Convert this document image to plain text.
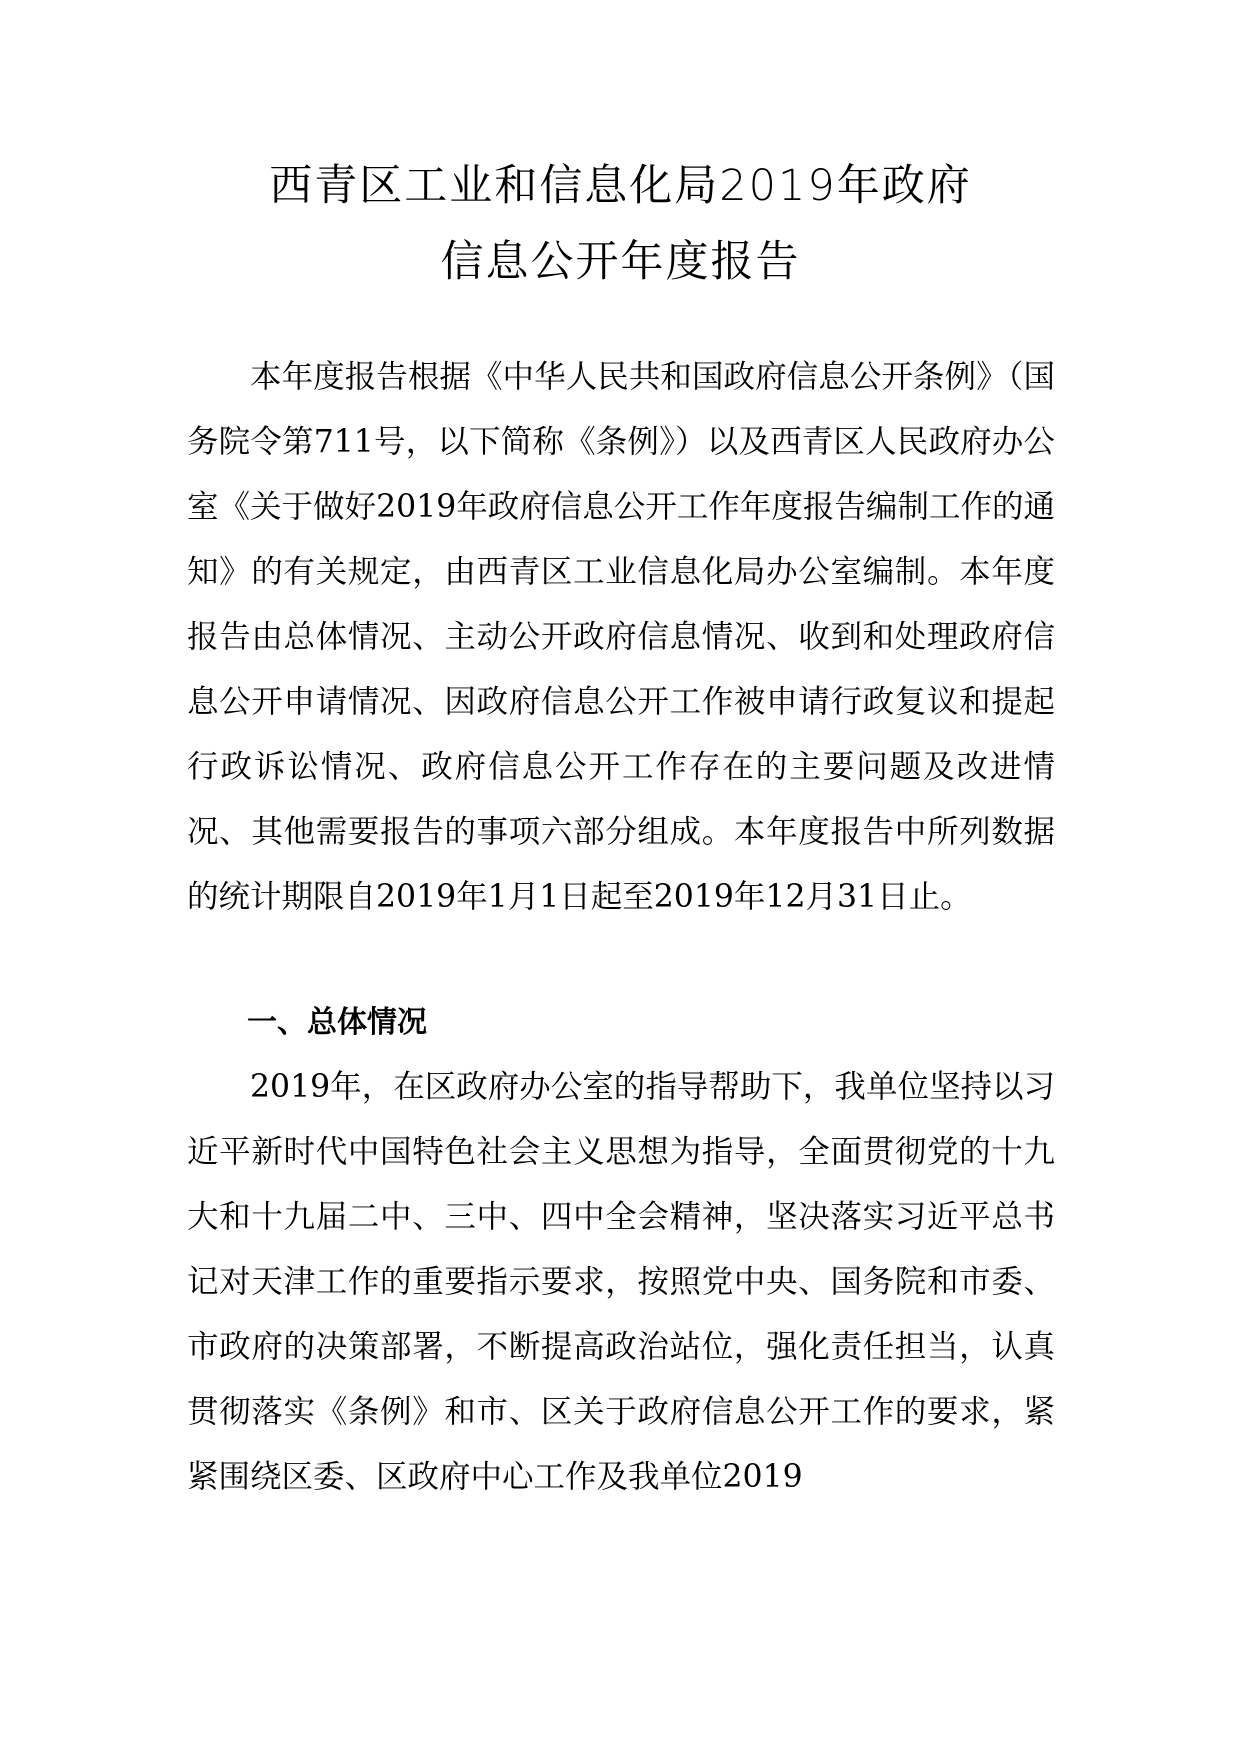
西青区工业和信息化局2019年政府
信息公开年度报告

本年度报告根据《中华人民共和国政府信息公开条例》（国务院令第711号，以下简称《条例》）以及西青区人民政府办公室《关于做好2019年政府信息公开工作年度报告编制工作的通知》的有关规定，由西青区工业信息化局办公室编制。本年度报告由总体情况、主动公开政府信息情况、收到和处理政府信息公开申请情况、因政府信息公开工作被申请行政复议和提起行政诉讼情况、政府信息公开工作存在的主要问题及改进情况、其他需要报告的事项六部分组成。本年度报告中所列数据的统计期限自2019年1月1日起至2019年12月31日止。

一、总体情况

2019年，在区政府办公室的指导帮助下，我单位坚持以习近平新时代中国特色社会主义思想为指导，全面贯彻党的十九大和十九届二中、三中、四中全会精神，坚决落实习近平总书记对天津工作的重要指示要求，按照党中央、国务院和市委、市政府的决策部署，不断提高政治站位，强化责任担当，认真贯彻落实《条例》和市、区关于政府信息公开工作的要求，紧紧围绕区委、区政府中心工作及我单位2019
